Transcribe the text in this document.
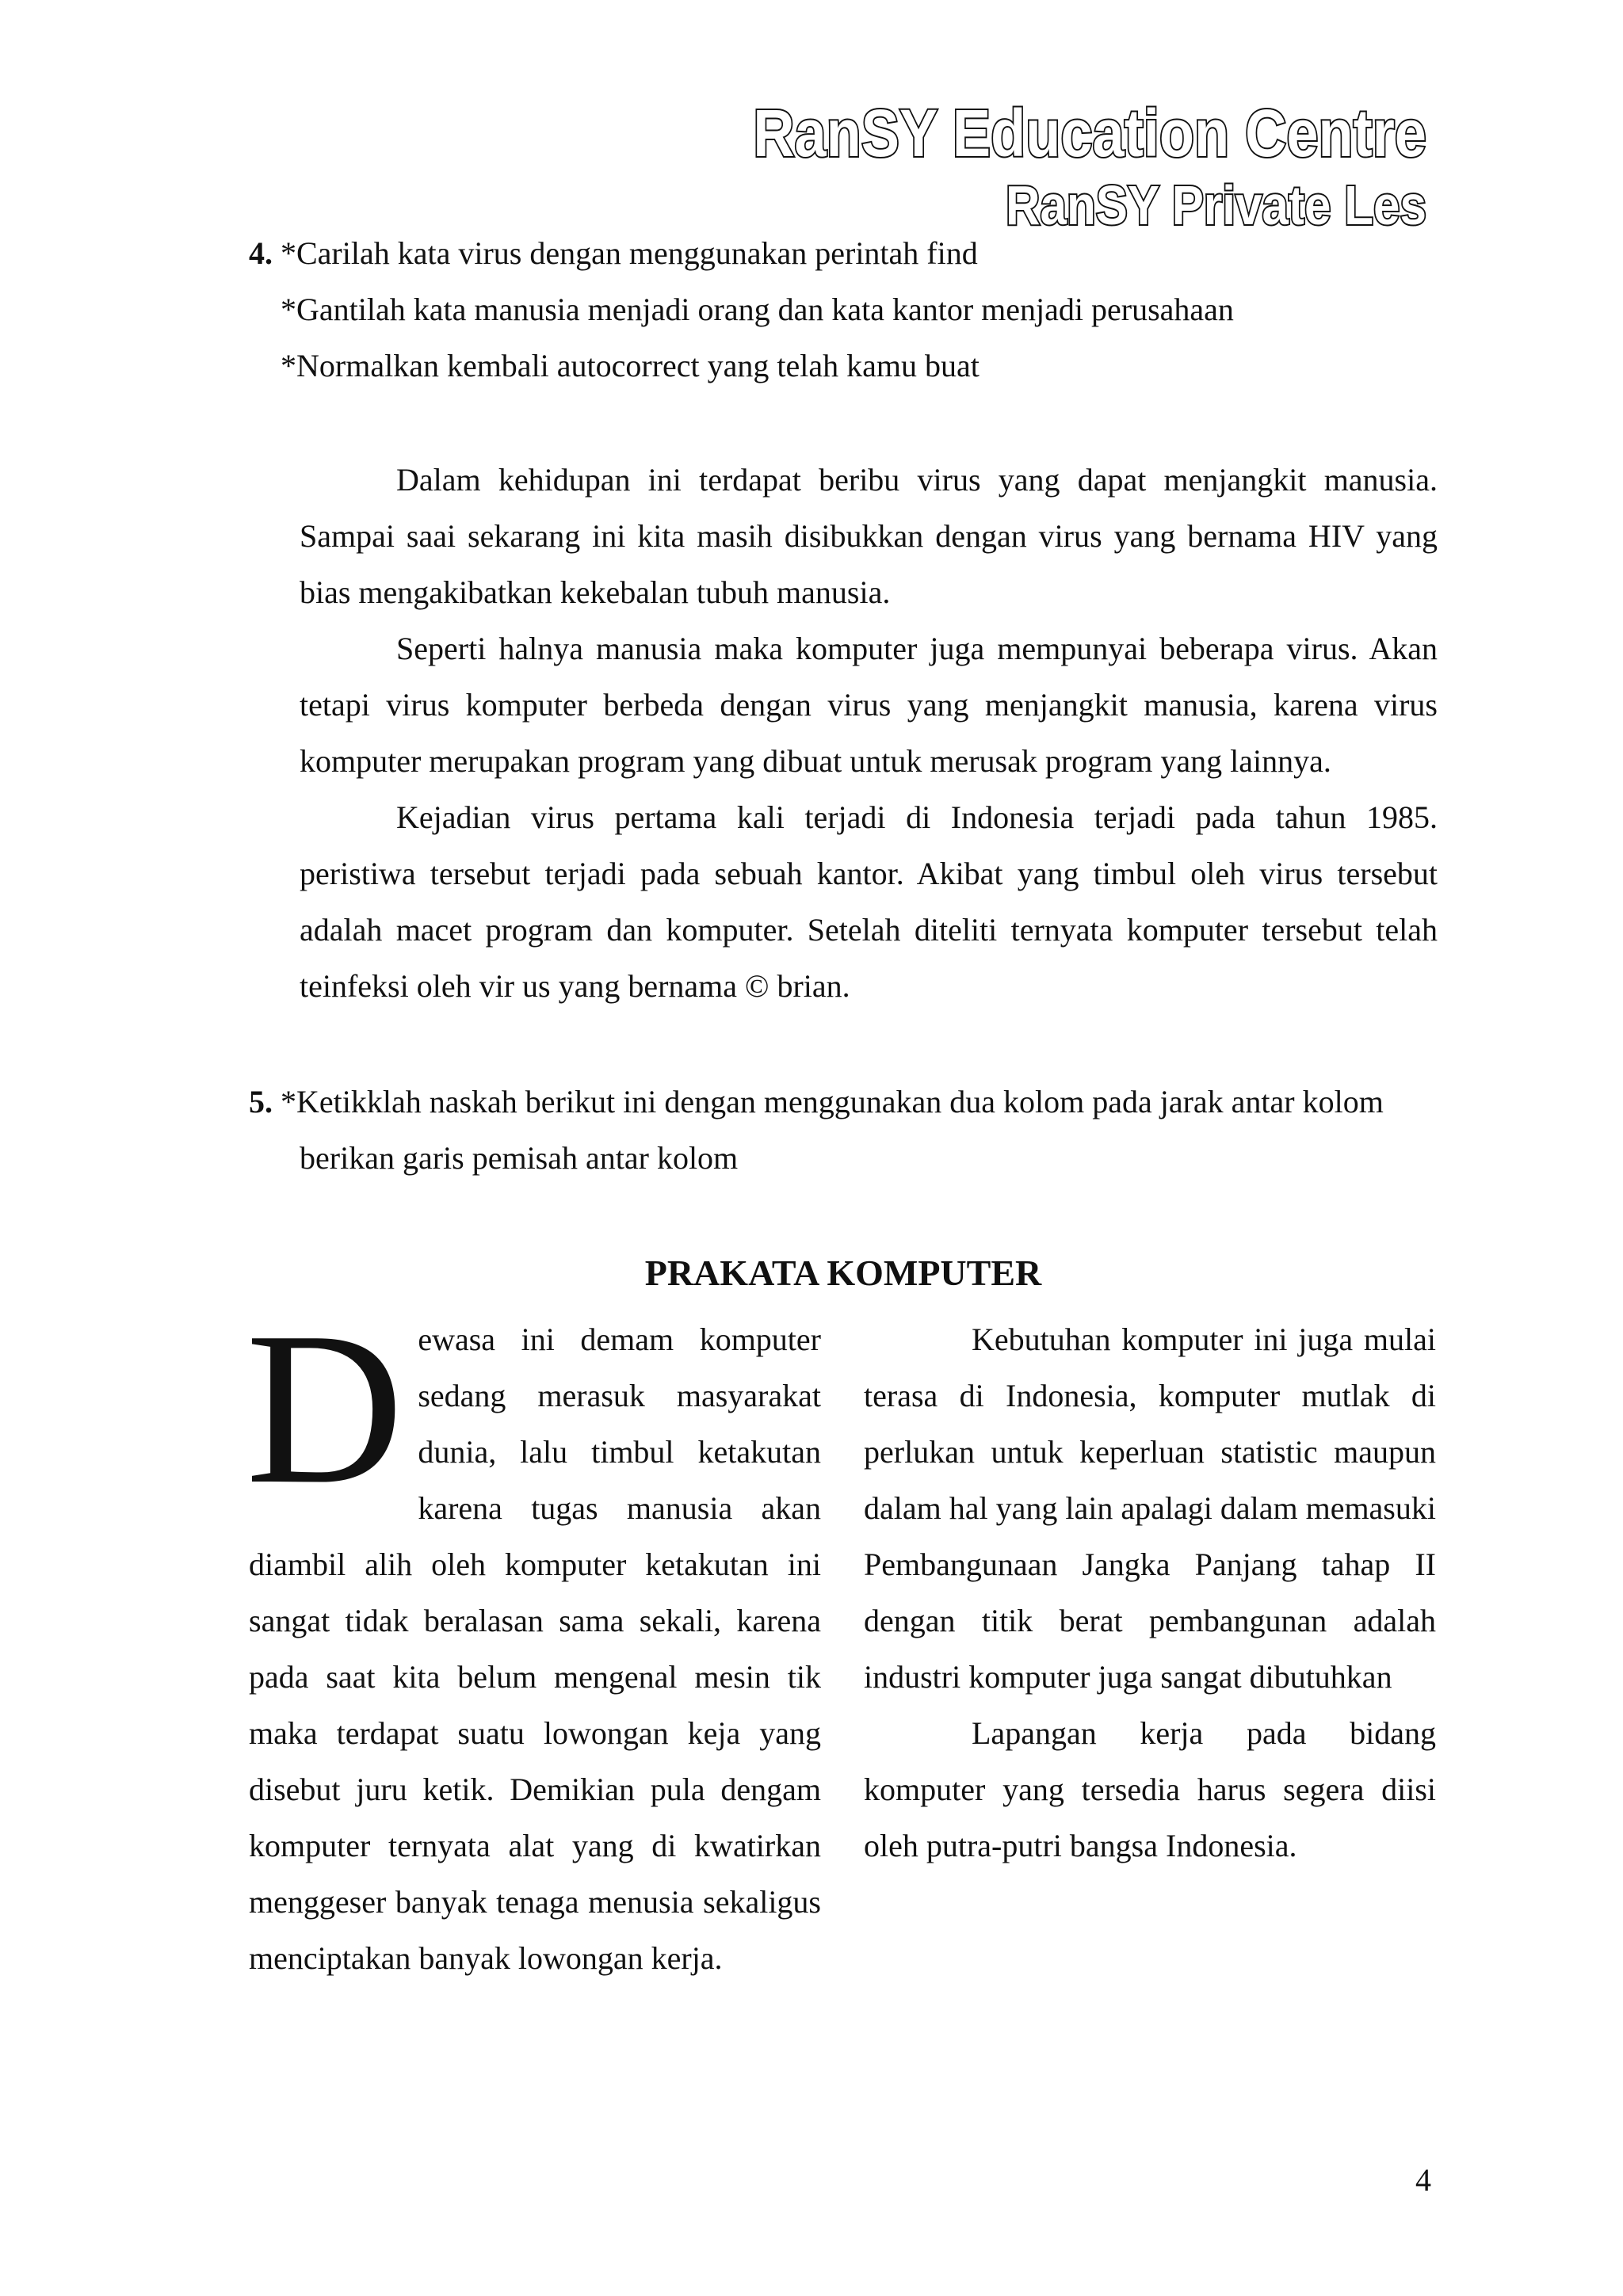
RanSY Education Centre
RanSY Private Les
4. *Carilah kata virus dengan menggunakan perintah find
*Gantilah kata manusia menjadi orang dan kata kantor menjadi perusahaan
*Normalkan kembali autocorrect yang telah kamu buat

Dalam kehidupan ini terdapat beribu virus yang dapat menjangkit manusia. Sampai saai sekarang ini kita masih disibukkan dengan virus yang bernama HIV yang bias mengakibatkan kekebalan tubuh manusia.

Seperti halnya manusia maka komputer juga mempunyai beberapa virus. Akan tetapi virus komputer berbeda dengan virus yang menjangkit manusia, karena virus komputer merupakan program yang dibuat untuk merusak program yang lainnya.

Kejadian virus pertama kali terjadi di Indonesia terjadi pada tahun 1985. peristiwa tersebut terjadi pada sebuah kantor. Akibat yang timbul oleh virus tersebut adalah macet program dan komputer. Setelah diteliti ternyata komputer tersebut telah teinfeksi oleh vir us yang bernama © brian.

5. *Ketikklah naskah berikut ini dengan menggunakan dua kolom pada jarak antar kolom
berikan garis pemisah antar kolom
PRAKATA KOMPUTER

Dewasa ini demam komputer sedang merasuk masyarakat dunia, lalu timbul ketakutan karena tugas manusia akan diambil alih oleh komputer ketakutan ini sangat tidak beralasan sama sekali, karena pada saat kita belum mengenal mesin tik maka terdapat suatu lowongan keja yang disebut juru ketik. Demikian pula dengam komputer ternyata alat yang di kwatirkan menggeser banyak tenaga menusia sekaligus menciptakan banyak lowongan kerja.

Kebutuhan komputer ini juga mulai terasa di Indonesia, komputer mutlak di perlukan untuk keperluan statistic maupun dalam hal yang lain apalagi dalam memasuki Pembangunaan Jangka Panjang tahap II dengan titik berat pembangunan adalah industri komputer juga sangat dibutuhkan

Lapangan kerja pada bidang komputer yang tersedia harus segera diisi oleh putra-putri bangsa Indonesia.

4
